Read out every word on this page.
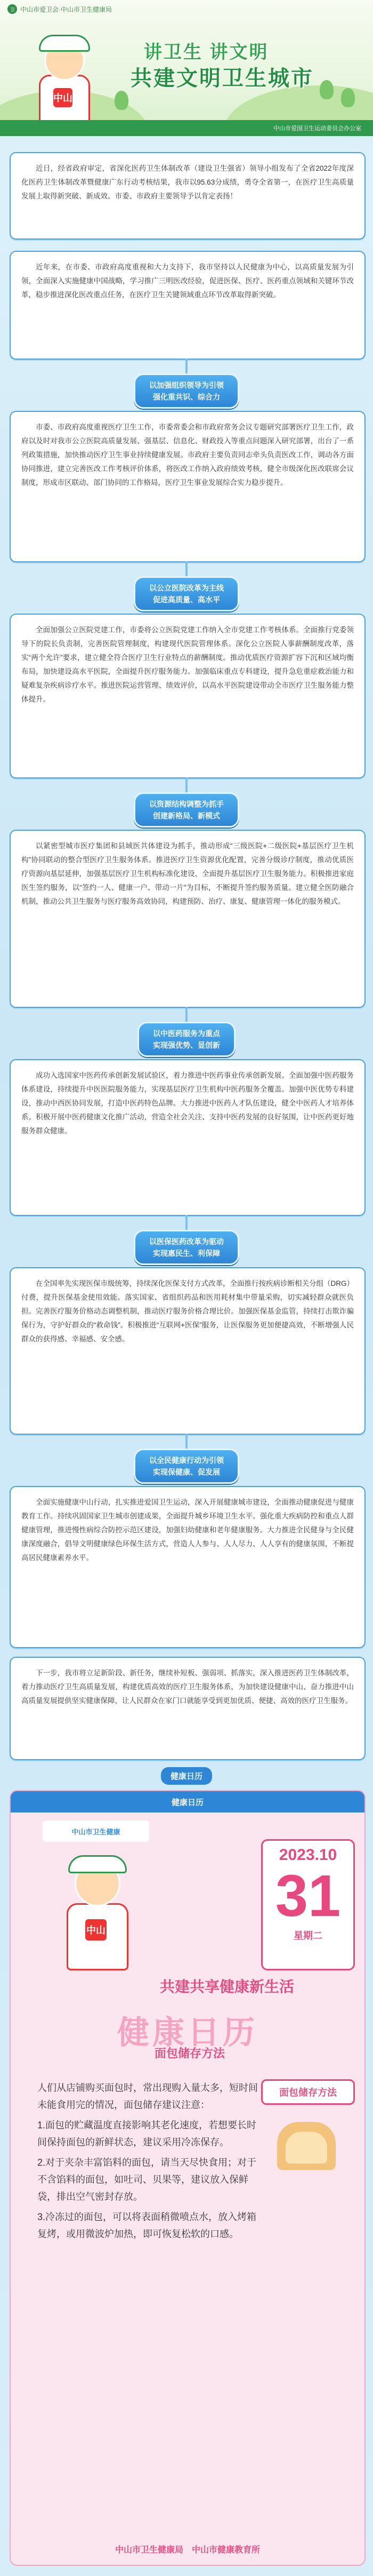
卫 中山市爱卫会·中山市卫生健康局
中山
讲卫生 讲文明
共建文明卫生城市
中山市爱国卫生运动委员会办公室

近日，经省政府审定，省深化医药卫生体制改革（建设卫生强省）领导小组发布了全省2022年度深化医药卫生体制改革暨健康广东行动考核结果，我市以95.63分成绩，勇夺全省第一，在医疗卫生高质量发展上取得新突破、新成效。市委、市政府主要领导予以肯定表扬！

近年来，在市委、市政府高度重视和大力支持下，我市坚持以人民健康为中心，以高质量发展为引领，全面深入实施健康中国战略，学习推广三明医改经验，促进医保、医疗、医药重点领域和关键环节改革，稳步推进深化医改重点任务，在医疗卫生关键领域重点环节改革取得新突破。

以加强组织领导为引领
强化重共识、综合力

市委、市政府高度重视医疗卫生工作，市委常委会和市政府常务会议专题研究部署医疗卫生工作，政府以及时对我市公立医院高质量发展、强基层、信息化、财政投入等重点问题深入研究部署，出台了一系列政策措施，加快推动医疗卫生事业持续健康发展。市政府主要负责同志牵头负责医改工作，调动各方面协同推进，建立完善医改工作考核评价体系，将医改工作纳入政府绩效考核，健全市级深化医改联席会议制度，形成市区联动、部门协同的工作格局，医疗卫生事业发展综合实力稳步提升。

以公立医院改革为主线
促进高质量、高水平

全面加强公立医院党建工作，市委将公立医院党建工作纳入全市党建工作考核体系。全面推行党委领导下的院长负责制，完善医院管理制度，构建现代医院管理体系。深化公立医院人事薪酬制度改革，落实“两个允许”要求，建立健全符合医疗卫生行业特点的薪酬制度。推动优质医疗资源扩容下沉和区域均衡布局，加快建设高水平医院，全面提升医疗服务能力。加强临床重点专科建设，提升急危重症救治能力和疑难复杂疾病诊疗水平。推进医院运营管理、绩效评价，以高水平医院建设带动全市医疗卫生服务能力整体提升。

以资源结构调整为抓手
创建新格局、新模式

以紧密型城市医疗集团和县域医共体建设为抓手，推动形成“三级医院+二级医院+基层医疗卫生机构”协同联动的整合型医疗卫生服务体系。推进医疗卫生资源优化配置，完善分级诊疗制度，推动优质医疗资源向基层延伸，加强基层医疗卫生机构标准化建设，全面提升基层医疗卫生服务能力。积极推进家庭医生签约服务，以“签约一人、健康一户、带动一片”为目标，不断提升签约服务质量。建立健全医防融合机制，推动公共卫生服务与医疗服务高效协同，构建预防、治疗、康复、健康管理一体化的服务模式。

以中医药服务为重点
实现强优势、显创新

成功入选国家中医药传承创新发展试验区，着力推进中医药事业传承创新发展。全面加强中医药服务体系建设，持续提升中医医院服务能力，实现基层医疗卫生机构中医药服务全覆盖。加强中医优势专科建设，推动中西医协同发展，打造中医药特色品牌。大力推进中医药人才队伍建设，健全中医药人才培养体系。积极开展中医药健康文化推广活动，营造全社会关注、支持中医药发展的良好氛围，让中医药更好地服务群众健康。

以医保医药改革为驱动
实现惠民生、利保障

在全国率先实现医保市级统筹，持续深化医保支付方式改革，全面推行按疾病诊断相关分组（DRG）付费，提升医保基金使用效能。落实国家、省组织药品和医用耗材集中带量采购，切实减轻群众就医负担。完善医疗服务价格动态调整机制，推动医疗服务价格合理比价。加强医保基金监管，持续打击欺诈骗保行为，守护好群众的“救命钱”。积极推进“互联网+医保”服务，让医保服务更加便捷高效，不断增强人民群众的获得感、幸福感、安全感。

以全民健康行动为引领
实现保健康、促发展

全面实施健康中山行动，扎实推进爱国卫生运动，深入开展健康城市建设，全面推动健康促进与健康教育工作。持续巩固国家卫生城市创建成果，全面提升城乡环境卫生水平。强化重大疾病防控和重点人群健康管理，推进慢性病综合防控示范区建设，加强妇幼健康和老年健康服务。大力推进全民健身与全民健康深度融合，倡导文明健康绿色环保生活方式，营造人人参与、人人尽力、人人享有的健康氛围，不断提高居民健康素养水平。

下一步，我市将立足新阶段、新任务，继续补短板、强弱项、抓落实，深入推进医药卫生体制改革，着力推动医疗卫生高质量发展，构建优质高效的医疗卫生服务体系，为加快建设健康中山、奋力推进中山高质量发展提供坚实健康保障，让人民群众在家门口就能享受到更加优质、便捷、高效的医疗卫生服务。

健康日历
健康日历
中山市卫生健康
中山
2023.10
31
星期二
共建共享健康新生活
健康日历
面包储存方法
人们从店铺购买面包时，常出现购入量太多，短时间未能食用完的情况，面包储存建议注意：
1.面包的贮藏温度直接影响其老化速度，若想要长时间保持面包的新鲜状态，建议采用冷冻保存。
2.对于夹杂丰富馅料的面包，请当天尽快食用；对于不含馅料的面包，如吐司、贝果等，建议放入保鲜袋，排出空气密封存放。
3.冷冻过的面包，可以将表面稍微喷点水，放入烤箱复烤，或用微波炉加热，即可恢复松软的口感。
面包储存方法
中山市卫生健康局　中山市健康教育所
